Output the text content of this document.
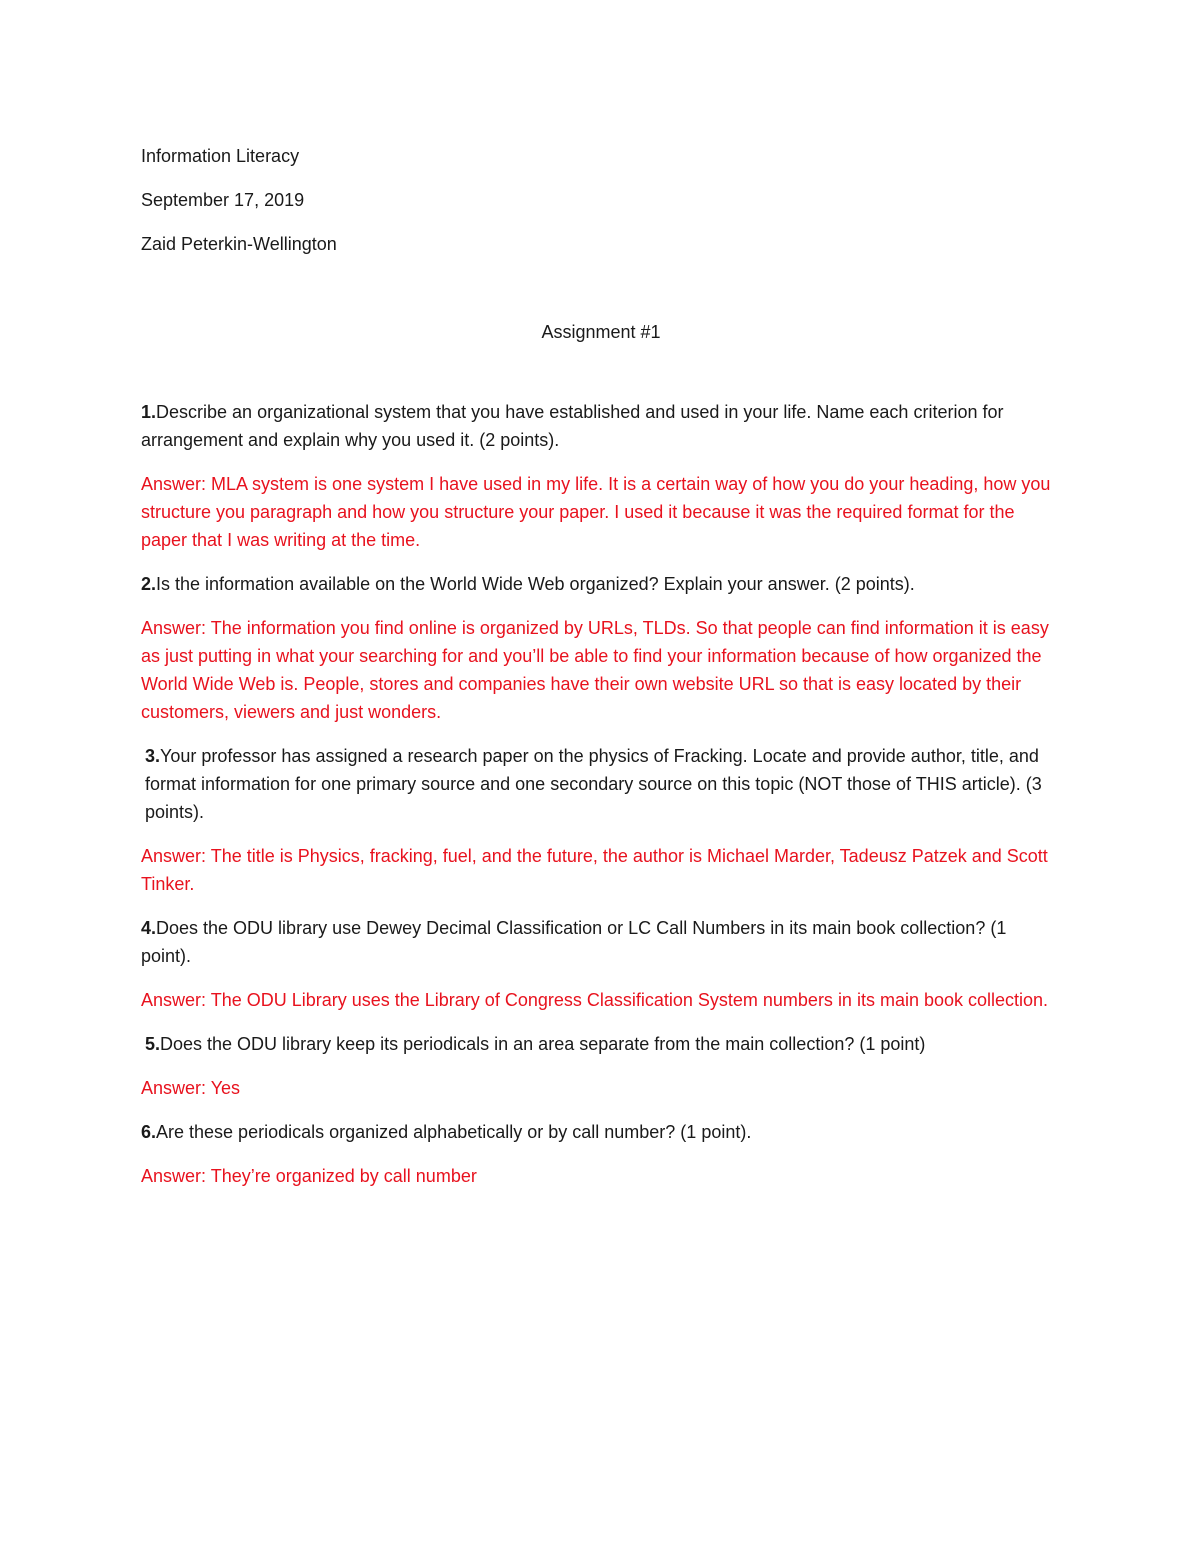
Information Literacy
September 17, 2019
Zaid Peterkin-Wellington
Assignment #1
1.Describe an organizational system that you have established and used in your life. Name each criterion for arrangement and explain why you used it. (2 points).
Answer: MLA system is one system I have used in my life. It is a certain way of how you do your heading, how you structure you paragraph and how you structure your paper. I used it because it was the required format for the paper that I was writing at the time.
2.Is the information available on the World Wide Web organized? Explain your answer. (2 points).
Answer: The information you find online is organized by URLs, TLDs. So that people can find information it is easy as just putting in what your searching for and you’ll be able to find your information because of how organized the World Wide Web is. People, stores and companies have their own website URL so that is easy located by their customers, viewers and just wonders.
3.Your professor has assigned a research paper on the physics of Fracking. Locate and provide author, title, and format information for one primary source and one secondary source on this topic (NOT those of THIS article). (3 points).
Answer: The title is Physics, fracking, fuel, and the future, the author is Michael Marder, Tadeusz Patzek and Scott Tinker.
4.Does the ODU library use Dewey Decimal Classification or LC Call Numbers in its main book collection? (1 point).
Answer: The ODU Library uses the Library of Congress Classification System numbers in its main book collection.
5.Does the ODU library keep its periodicals in an area separate from the main collection? (1 point)
Answer: Yes
6.Are these periodicals organized alphabetically or by call number? (1 point).
Answer: They’re organized by call number
